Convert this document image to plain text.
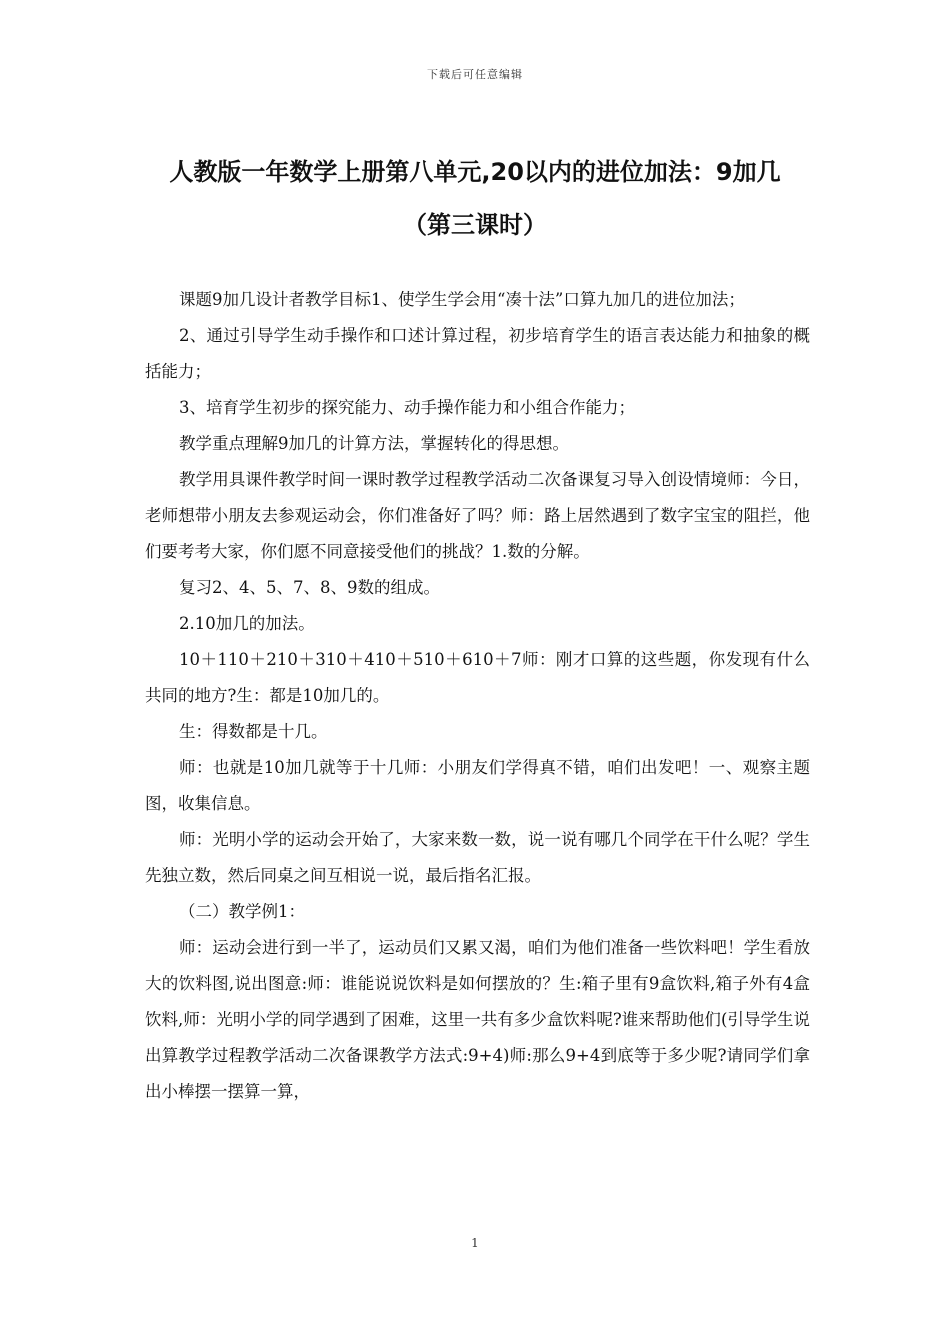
下载后可任意编辑
人教版一年数学上册第八单元,20以内的进位加法：9加几
（第三课时）

课题9加几设计者教学目标1、使学生学会用“凑十法”口算九加几的进位加法；

2、通过引导学生动手操作和口述计算过程，初步培育学生的语言表达能力和抽象的概括能力；

3、培育学生初步的探究能力、动手操作能力和小组合作能力；

教学重点理解9加几的计算方法，掌握转化的得思想。

教学用具课件教学时间一课时教学过程教学活动二次备课复习导入创设情境师：今日，老师想带小朋友去参观运动会，你们准备好了吗？师：路上居然遇到了数字宝宝的阻拦，他们要考考大家，你们愿不同意接受他们的挑战？1.数的分解。

复习2、4、5、7、8、9数的组成。

2.10加几的加法。

10＋110＋210＋310＋410＋510＋610＋7师：刚才口算的这些题，你发现有什么共同的地方?生：都是10加几的。

生：得数都是十几。

师：也就是10加几就等于十几师：小朋友们学得真不错，咱们出发吧！一、观察主题图，收集信息。

师：光明小学的运动会开始了，大家来数一数，说一说有哪几个同学在干什么呢？学生先独立数，然后同桌之间互相说一说，最后指名汇报。

（二）教学例1：

师：运动会进行到一半了，运动员们又累又渴，咱们为他们准备一些饮料吧！学生看放大的饮料图,说出图意:师：谁能说说饮料是如何摆放的？生:箱子里有9盒饮料,箱子外有4盒饮料,师：光明小学的同学遇到了困难，这里一共有多少盒饮料呢?谁来帮助他们(引导学生说出算教学过程教学活动二次备课教学方法式:9+4)师:那么9+4到底等于多少呢?请同学们拿出小棒摆一摆算一算，

1
